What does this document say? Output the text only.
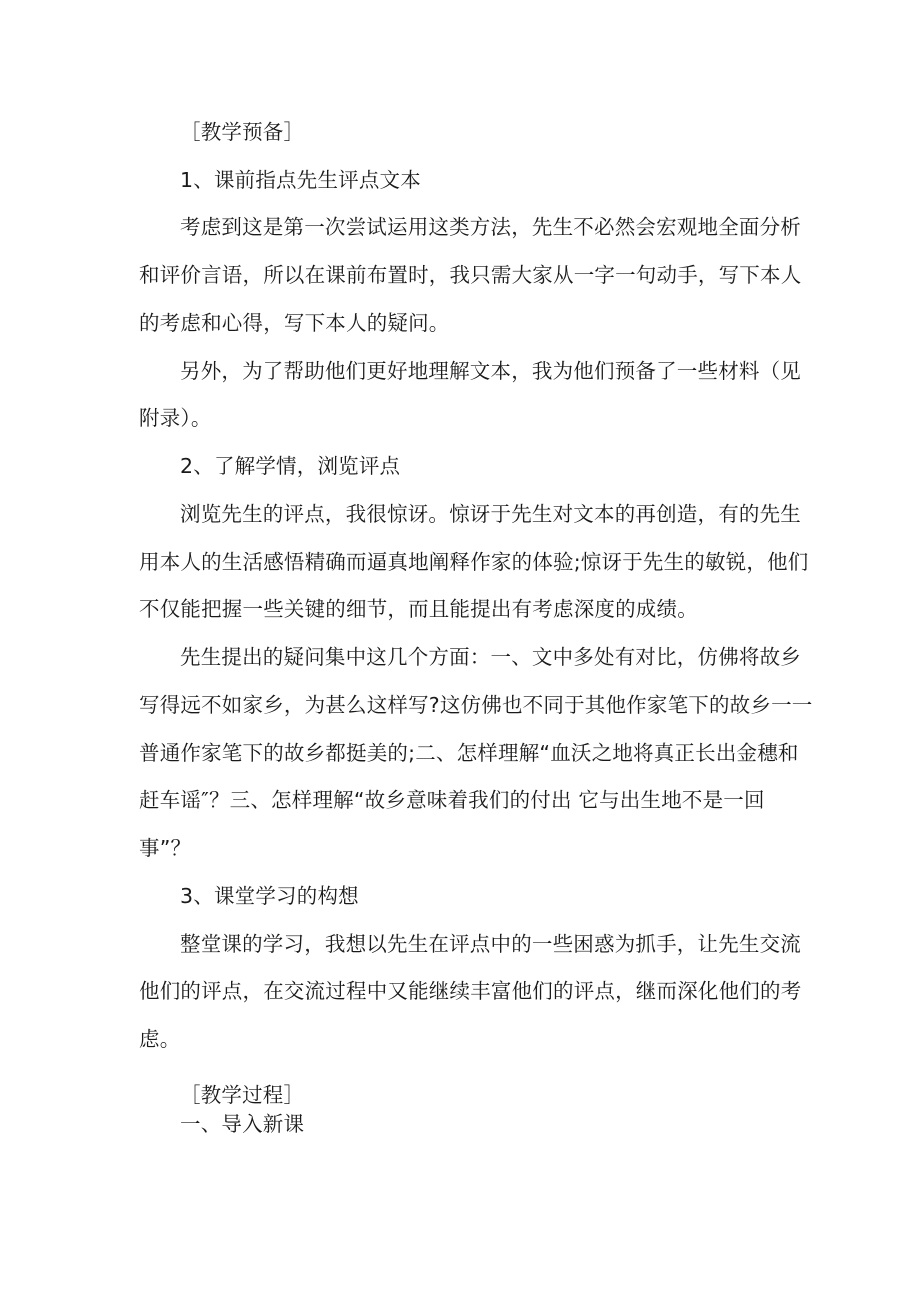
［教学预备］
1、课前指点先生评点文本
考虑到这是第一次尝试运用这类方法，先生不必然会宏观地全面分析
和评价言语，所以在课前布置时，我只需大家从一字一句动手，写下本人
的考虑和心得，写下本人的疑问。
另外，为了帮助他们更好地理解文本，我为他们预备了一些材料（见
附录）。
2、了解学情，浏览评点
浏览先生的评点，我很惊讶。惊讶于先生对文本的再创造，有的先生
用本人的生活感悟精确而逼真地阐释作家的体验;惊讶于先生的敏锐，他们
不仅能把握一些关键的细节，而且能提出有考虑深度的成绩。
先生提出的疑问集中这几个方面：一、文中多处有对比，仿佛将故乡
写得远不如家乡，为甚么这样写?这仿佛也不同于其他作家笔下的故乡一一
普通作家笔下的故乡都挺美的;二、怎样理解“血沃之地将真正长出金穗和
赶车谣″？三、怎样理解“故乡意味着我们的付出 它与出生地不是一回
事”？
3、课堂学习的构想
整堂课的学习，我想以先生在评点中的一些困惑为抓手，让先生交流
他们的评点，在交流过程中又能继续丰富他们的评点，继而深化他们的考
虑。
［教学过程］
一、导入新课
